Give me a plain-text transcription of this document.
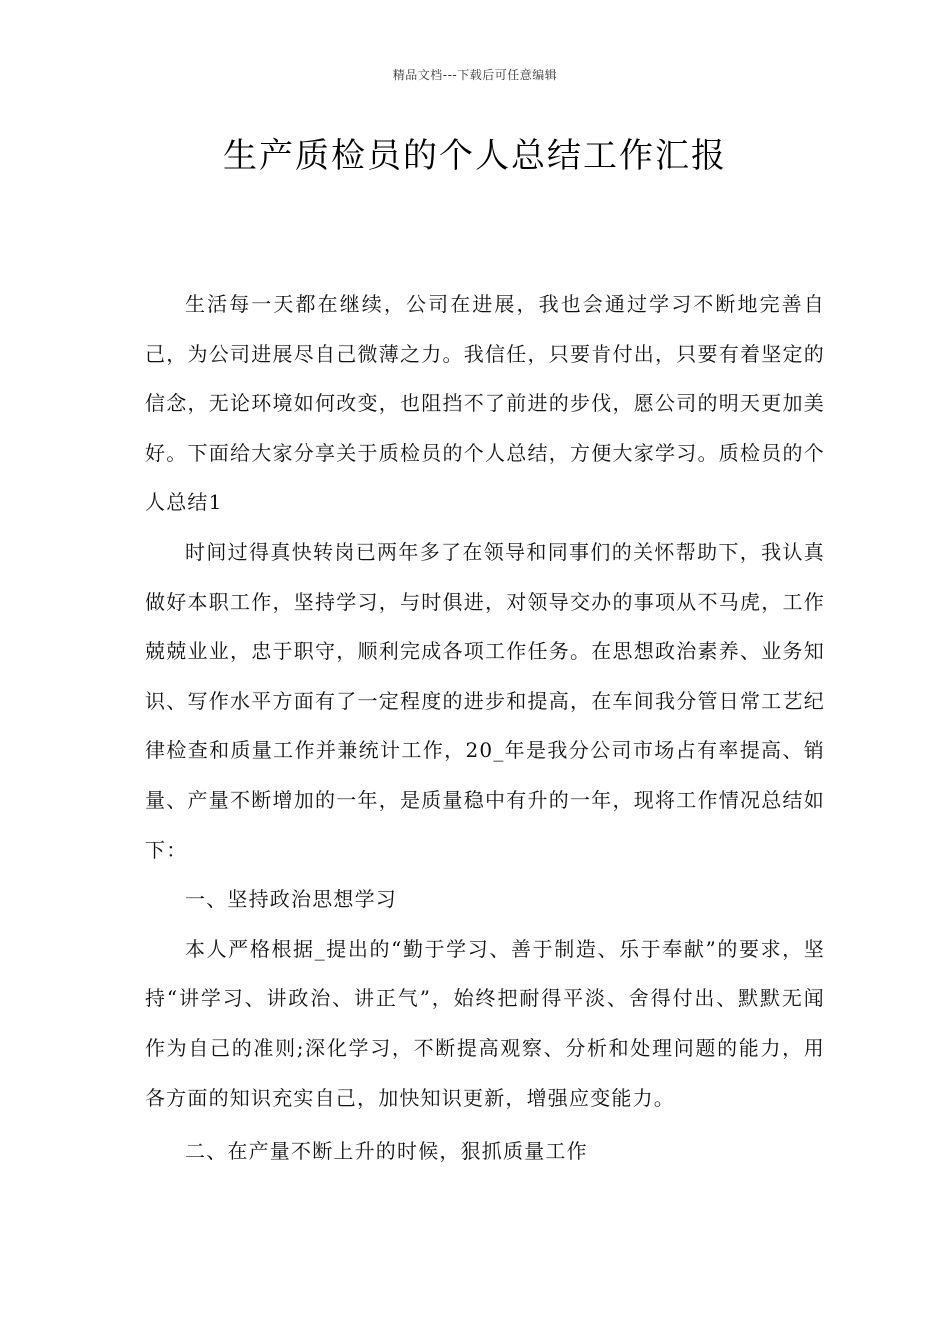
精品文档---下载后可任意编辑
生产质检员的个人总结工作汇报

生活每一天都在继续，公司在进展，我也会通过学习不断地完善自己，为公司进展尽自己微薄之力。我信任，只要肯付出，只要有着坚定的信念，无论环境如何改变，也阻挡不了前进的步伐，愿公司的明天更加美好。下面给大家分享关于质检员的个人总结，方便大家学习。质检员的个人总结1

时间过得真快转岗已两年多了在领导和同事们的关怀帮助下，我认真做好本职工作，坚持学习，与时俱进，对领导交办的事项从不马虎，工作兢兢业业，忠于职守，顺利完成各项工作任务。在思想政治素养、业务知识、写作水平方面有了一定程度的进步和提高，在车间我分管日常工艺纪律检查和质量工作并兼统计工作，20_年是我分公司市场占有率提高、销量、产量不断增加的一年，是质量稳中有升的一年，现将工作情况总结如下：

一、坚持政治思想学习

本人严格根据_提出的“勤于学习、善于制造、乐于奉献”的要求，坚持“讲学习、讲政治、讲正气”，始终把耐得平淡、舍得付出、默默无闻作为自己的准则;深化学习，不断提高观察、分析和处理问题的能力，用各方面的知识充实自己，加快知识更新，增强应变能力。

二、在产量不断上升的时候，狠抓质量工作
